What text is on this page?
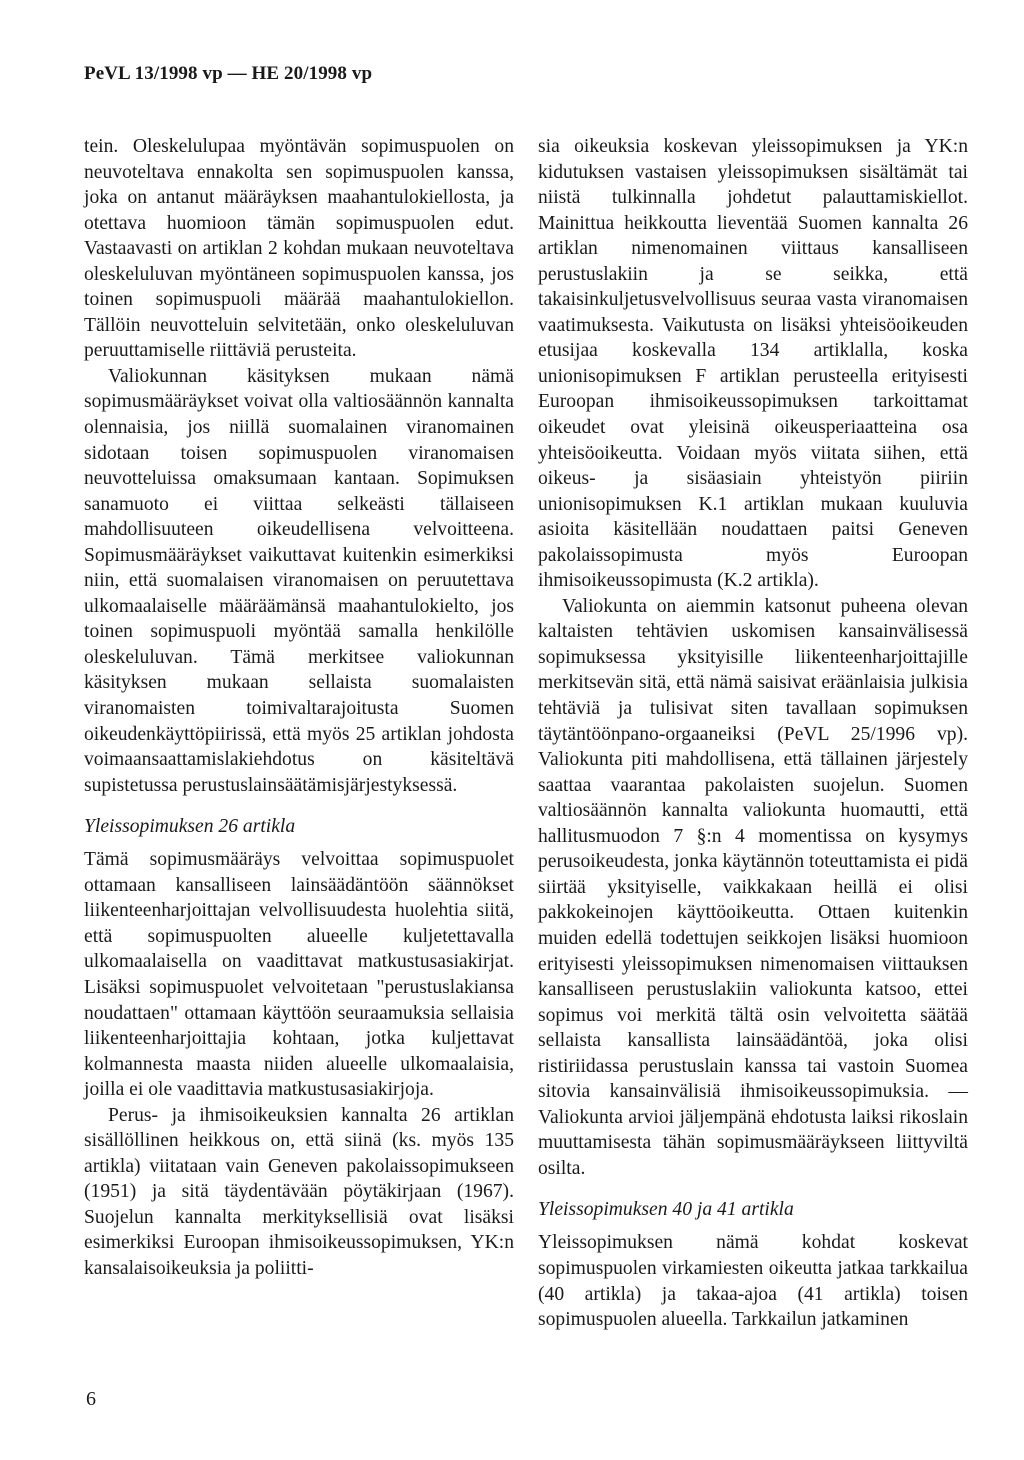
PeVL 13/1998 vp — HE 20/1998 vp

tein. Oleskelulupaa myöntävän sopimuspuolen on neuvoteltava ennakolta sen sopimuspuolen kanssa, joka on antanut määräyksen maahantulokiellosta, ja otettava huomioon tämän sopimuspuolen edut. Vastaavasti on artiklan 2 kohdan mukaan neuvoteltava oleskeluluvan myöntäneen sopimuspuolen kanssa, jos toinen sopimuspuoli määrää maahantulokiellon. Tällöin neuvotteluin selvitetään, onko oleskeluluvan peruuttamiselle riittäviä perusteita.

Valiokunnan käsityksen mukaan nämä sopimusmääräykset voivat olla valtiosäännön kannalta olennaisia, jos niillä suomalainen viranomainen sidotaan toisen sopimuspuolen viranomaisen neuvotteluissa omaksumaan kantaan. Sopimuksen sanamuoto ei viittaa selkeästi tällaiseen mahdollisuuteen oikeudellisena velvoitteena. Sopimusmääräykset vaikuttavat kuitenkin esimerkiksi niin, että suomalaisen viranomaisen on peruutettava ulkomaalaiselle määräämänsä maahantulokielto, jos toinen sopimuspuoli myöntää samalla henkilölle oleskeluluvan. Tämä merkitsee valiokunnan käsityksen mukaan sellaista suomalaisten viranomaisten toimivaltarajoitusta Suomen oikeudenkäyttöpiirissä, että myös 25 artiklan johdosta voimaansaattamislakiehdotus on käsiteltävä supistetussa perustuslainsäätämisjärjestyksessä.

Yleissopimuksen 26 artikla

Tämä sopimusmääräys velvoittaa sopimuspuolet ottamaan kansalliseen lainsäädäntöön säännökset liikenteenharjoittajan velvollisuudesta huolehtia siitä, että sopimuspuolten alueelle kuljetettavalla ulkomaalaisella on vaadittavat matkustusasiakirjat. Lisäksi sopimuspuolet velvoitetaan "perustuslakiansa noudattaen" ottamaan käyttöön seuraamuksia sellaisia liikenteenharjoittajia kohtaan, jotka kuljettavat kolmannesta maasta niiden alueelle ulkomaalaisia, joilla ei ole vaadittavia matkustusasiakirjoja.

Perus- ja ihmisoikeuksien kannalta 26 artiklan sisällöllinen heikkous on, että siinä (ks. myös 135 artikla) viitataan vain Geneven pakolaissopimukseen (1951) ja sitä täydentävään pöytäkirjaan (1967). Suojelun kannalta merkityksellisiä ovat lisäksi esimerkiksi Euroopan ihmisoikeussopimuksen, YK:n kansalaisoikeuksia ja poliitti-

sia oikeuksia koskevan yleissopimuksen ja YK:n kidutuksen vastaisen yleissopimuksen sisältämät tai niistä tulkinnalla johdetut palauttamiskiellot. Mainittua heikkoutta lieventää Suomen kannalta 26 artiklan nimenomainen viittaus kansalliseen perustuslakiin ja se seikka, että takaisinkuljetusvelvollisuus seuraa vasta viranomaisen vaatimuksesta. Vaikutusta on lisäksi yhteisöoikeuden etusijaa koskevalla 134 artiklalla, koska unionisopimuksen F artiklan perusteella erityisesti Euroopan ihmisoikeussopimuksen tarkoittamat oikeudet ovat yleisinä oikeusperiaatteina osa yhteisöoikeutta. Voidaan myös viitata siihen, että oikeus- ja sisäasiain yhteistyön piiriin unionisopimuksen K.1 artiklan mukaan kuuluvia asioita käsitellään noudattaen paitsi Geneven pakolaissopimusta myös Euroopan ihmisoikeussopimusta (K.2 artikla).

Valiokunta on aiemmin katsonut puheena olevan kaltaisten tehtävien uskomisen kansainvälisessä sopimuksessa yksityisille liikenteenharjoittajille merkitsevän sitä, että nämä saisivat eräänlaisia julkisia tehtäviä ja tulisivat siten tavallaan sopimuksen täytäntöönpano-orgaaneiksi (PeVL 25/1996 vp). Valiokunta piti mahdollisena, että tällainen järjestely saattaa vaarantaa pakolaisten suojelun. Suomen valtiosäännön kannalta valiokunta huomautti, että hallitusmuodon 7 §:n 4 momentissa on kysymys perusoikeudesta, jonka käytännön toteuttamista ei pidä siirtää yksityiselle, vaikkakaan heillä ei olisi pakkokeinojen käyttöoikeutta. Ottaen kuitenkin muiden edellä todettujen seikkojen lisäksi huomioon erityisesti yleissopimuksen nimenomaisen viittauksen kansalliseen perustuslakiin valiokunta katsoo, ettei sopimus voi merkitä tältä osin velvoitetta säätää sellaista kansallista lainsäädäntöä, joka olisi ristiriidassa perustuslain kanssa tai vastoin Suomea sitovia kansainvälisiä ihmisoikeussopimuksia. — Valiokunta arvioi jäljempänä ehdotusta laiksi rikoslain muuttamisesta tähän sopimusmääräykseen liittyviltä osilta.

Yleissopimuksen 40 ja 41 artikla

Yleissopimuksen nämä kohdat koskevat sopimuspuolen virkamiesten oikeutta jatkaa tarkkailua (40 artikla) ja takaa-ajoa (41 artikla) toisen sopimuspuolen alueella. Tarkkailun jatkaminen

6
